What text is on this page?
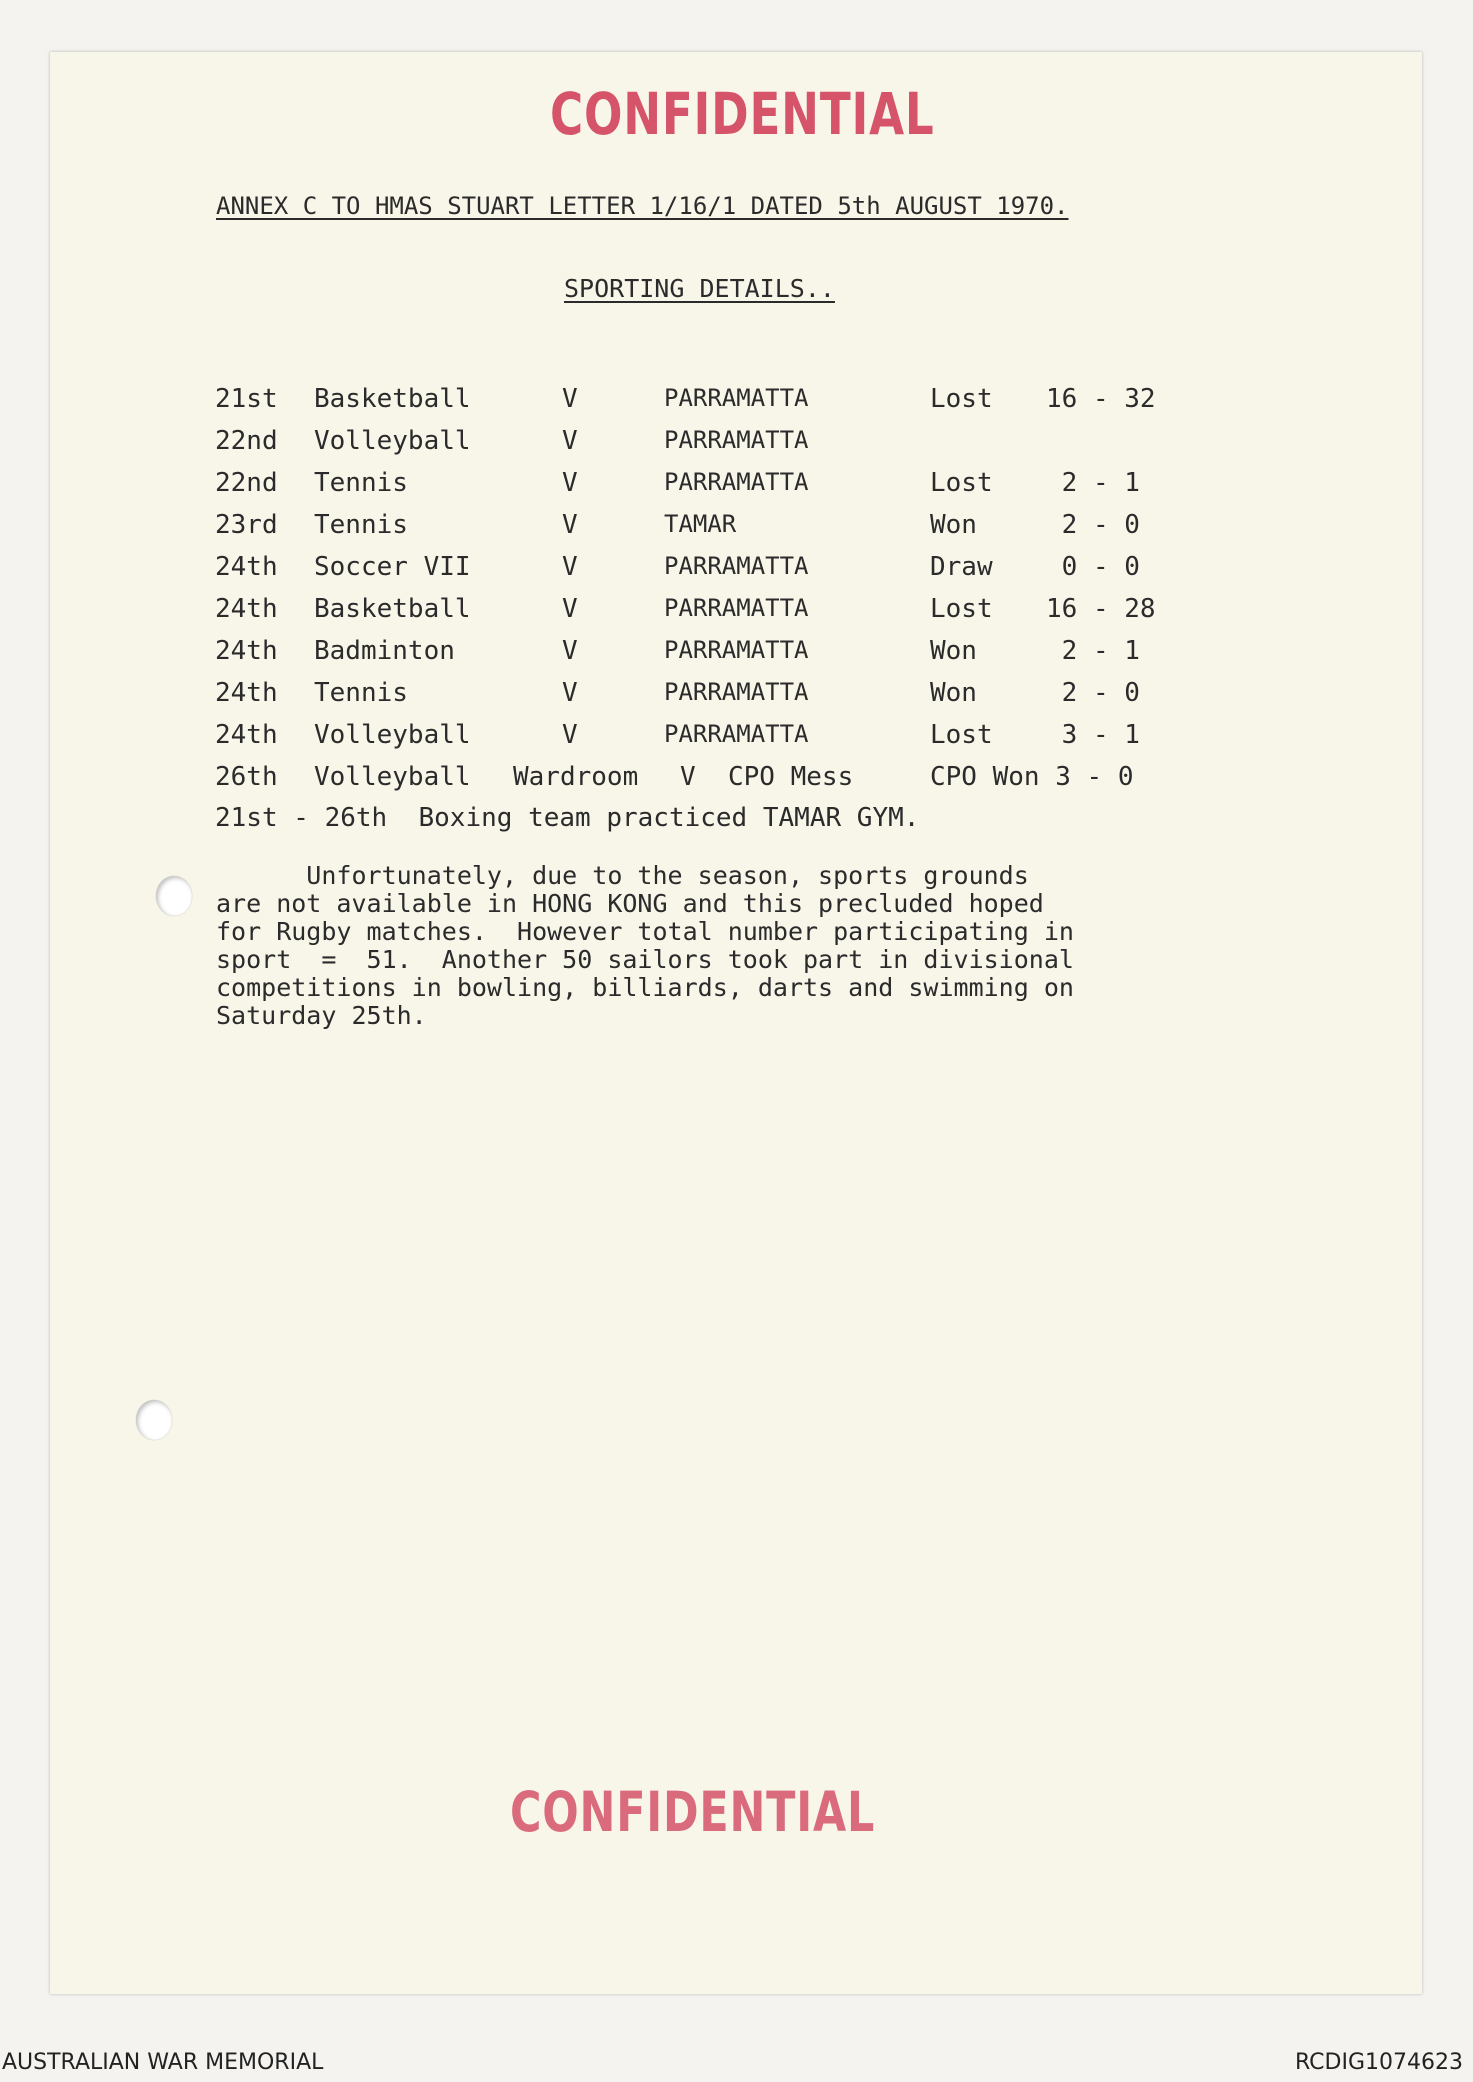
CONFIDENTIAL
ANNEX C TO HMAS STUART LETTER 1/16/1 DATED 5th AUGUST 1970.
SPORTING DETAILS..
21st Basketball	V	PARRAMATTA	Lost 16 - 32
22nd Volleyball	V	PARRAMATTA
22nd Tennis	V	PARRAMATTA	Lost 2 - 1
23rd Tennis	V	TAMAR	Won	2 - 0
24th Soccer VII	V	PARRAMATTA	Draw 0 - 0
24th Basketball	V	PARRAMATTA	Lost 16 - 28
24th Badminton	V	PARRAMATTA	Won	2 - 1
24th Tennis	V	PARRAMATTA	Won	2 - 0
24th Volleyball	V	PARRAMATTA	Lost 3 - 1
26th Volleyball Wardroom V CPO Mess	CPO Won 3 - 0
21st - 26th  Boxing team practiced TAMAR GYM.
Unfortunately, due to the season, sports grounds
are not available in HONG KONG and this precluded hoped
for Rugby matches.  However total number participating in
sport  =  51.  Another 50 sailors took part in divisional
competitions in bowling, billiards, darts and swimming on
Saturday 25th.
CONFIDENTIAL
AUSTRALIAN WAR MEMORIAL	RCDIG1074623
